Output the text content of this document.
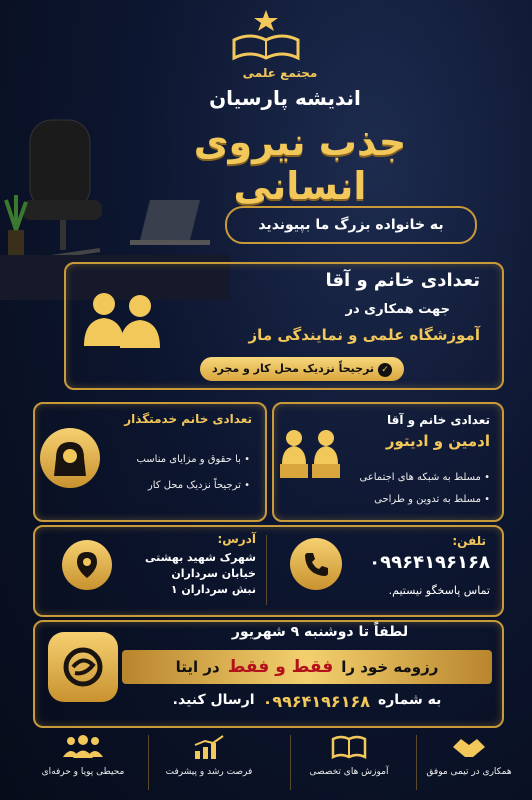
مجتمع علمی
اندیشه پارسیان
جذب نیروی انسانی
به خانواده بزرگ ما بپیوندید
تعدادی خانم و آقا
جهت همکاری در
آموزشگاه علمی و نمایندگی ماز
✓ترجیحاً نزدیک محل کار و مجرد
تعدادی خانم خدمتگذار
• با حقوق و مزایای مناسب
• ترجیحاً نزدیک محل کار
تعدادی خانم و آقا
ادمین و ادیتور
• مسلط به شبکه های اجتماعی
• مسلط به تدوین و طراحی
تلفن:
۰۹۹۶۴۱۹۶۱۶۸
تماس پاسخگو نیستیم.
آدرس:
شهرک شهید بهشتی
خیابان سرداران
نبش سرداران ۱
لطفاً تا دوشنبه ۹ شهریور
رزومه خود را
فقط و فقط
در ایتا
به شماره
۰۹۹۶۴۱۹۶۱۶۸
ارسال کنید.
همکاری در تیمی موفق
آموزش های تخصصی
فرصت رشد و پیشرفت
محیطی پویا و حرفه‌ای
